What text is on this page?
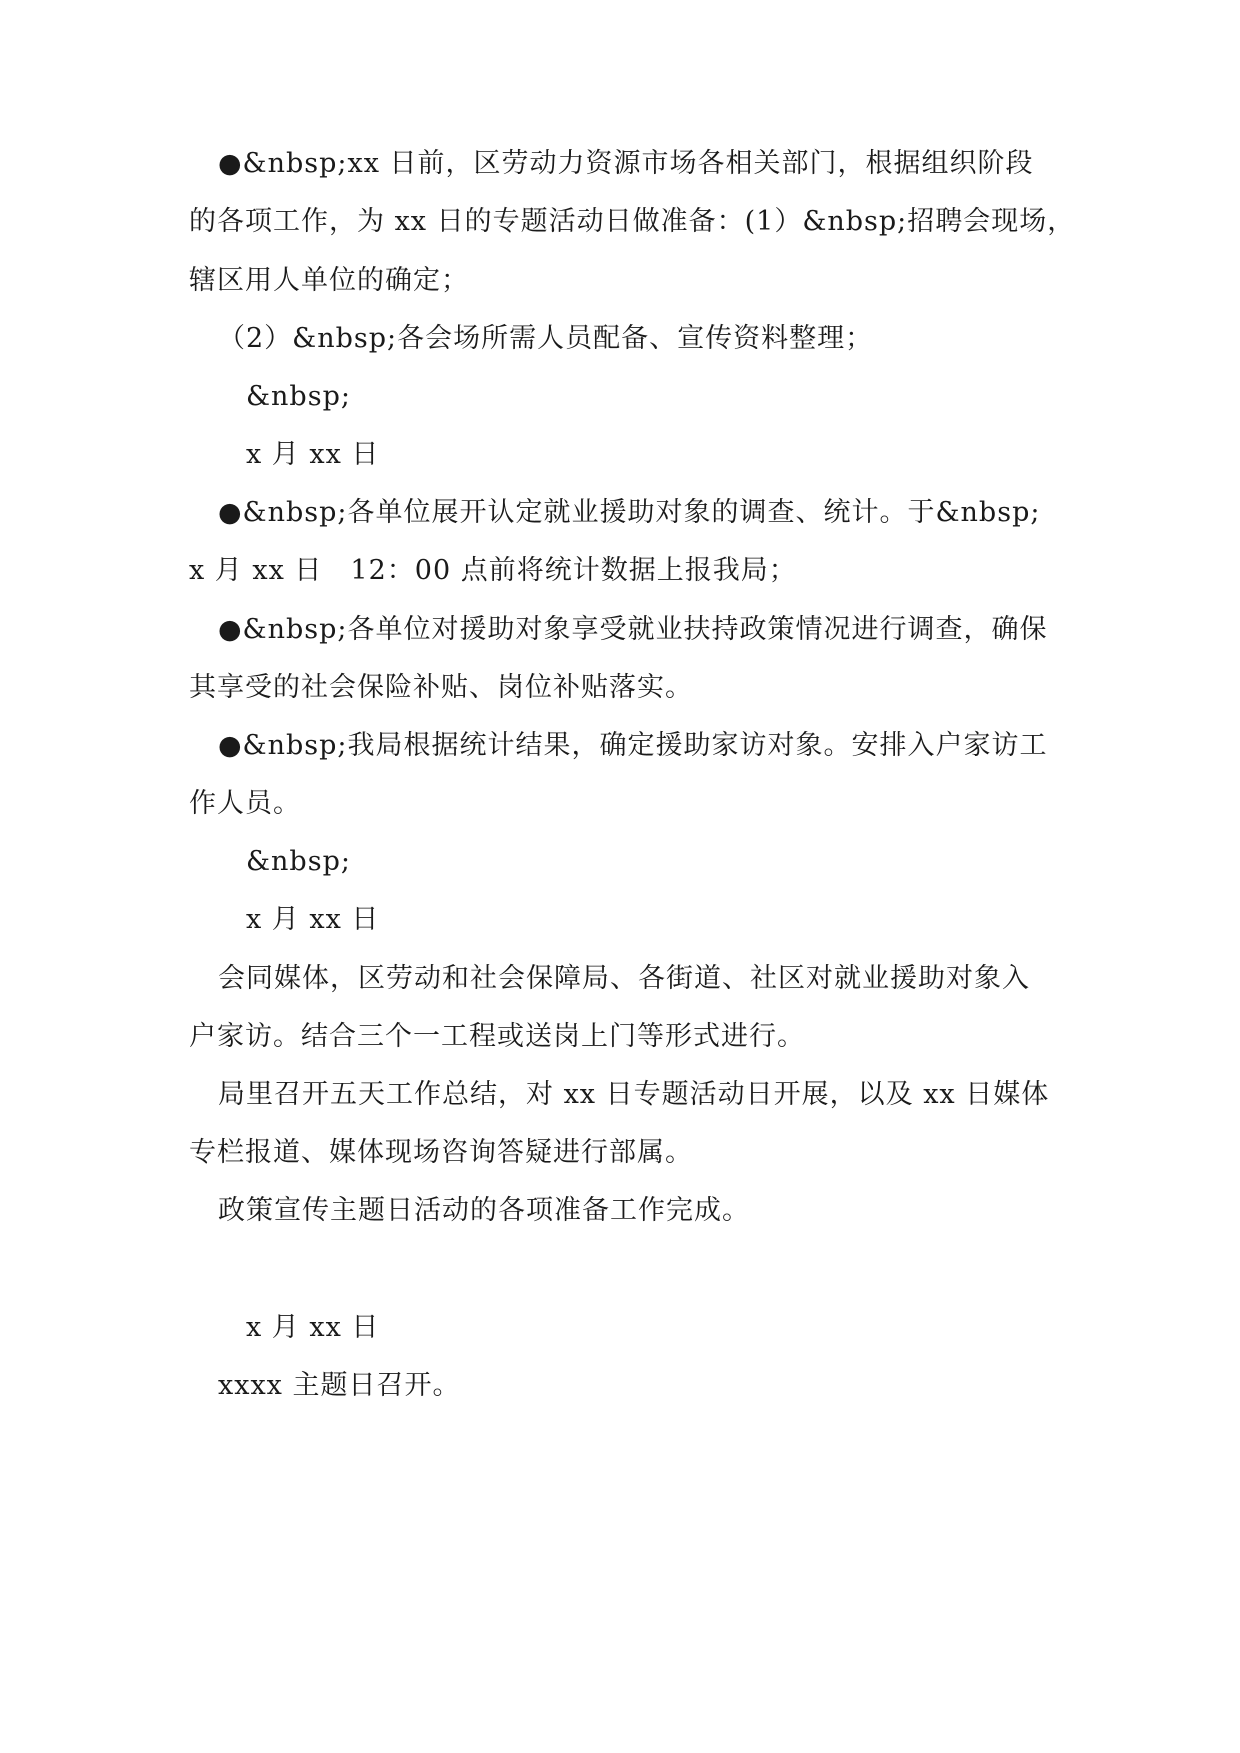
●&nbsp;xx 日前，区劳动力资源市场各相关部门，根据组织阶段

的各项工作，为 xx 日的专题活动日做准备：(1）&nbsp;招聘会现场，

辖区用人单位的确定；

（2）&nbsp;各会场所需人员配备、宣传资料整理；

&nbsp;

x 月 xx 日

●&nbsp;各单位展开认定就业援助对象的调查、统计。于&nbsp;

x 月 xx 日　12：00 点前将统计数据上报我局；

●&nbsp;各单位对援助对象享受就业扶持政策情况进行调查，确保

其享受的社会保险补贴、岗位补贴落实。

●&nbsp;我局根据统计结果，确定援助家访对象。安排入户家访工

作人员。

&nbsp;

x 月 xx 日

会同媒体，区劳动和社会保障局、各街道、社区对就业援助对象入

户家访。结合三个一工程或送岗上门等形式进行。

局里召开五天工作总结，对 xx 日专题活动日开展，以及 xx 日媒体

专栏报道、媒体现场咨询答疑进行部属。

政策宣传主题日活动的各项准备工作完成。

x 月 xx 日

xxxx 主题日召开。
